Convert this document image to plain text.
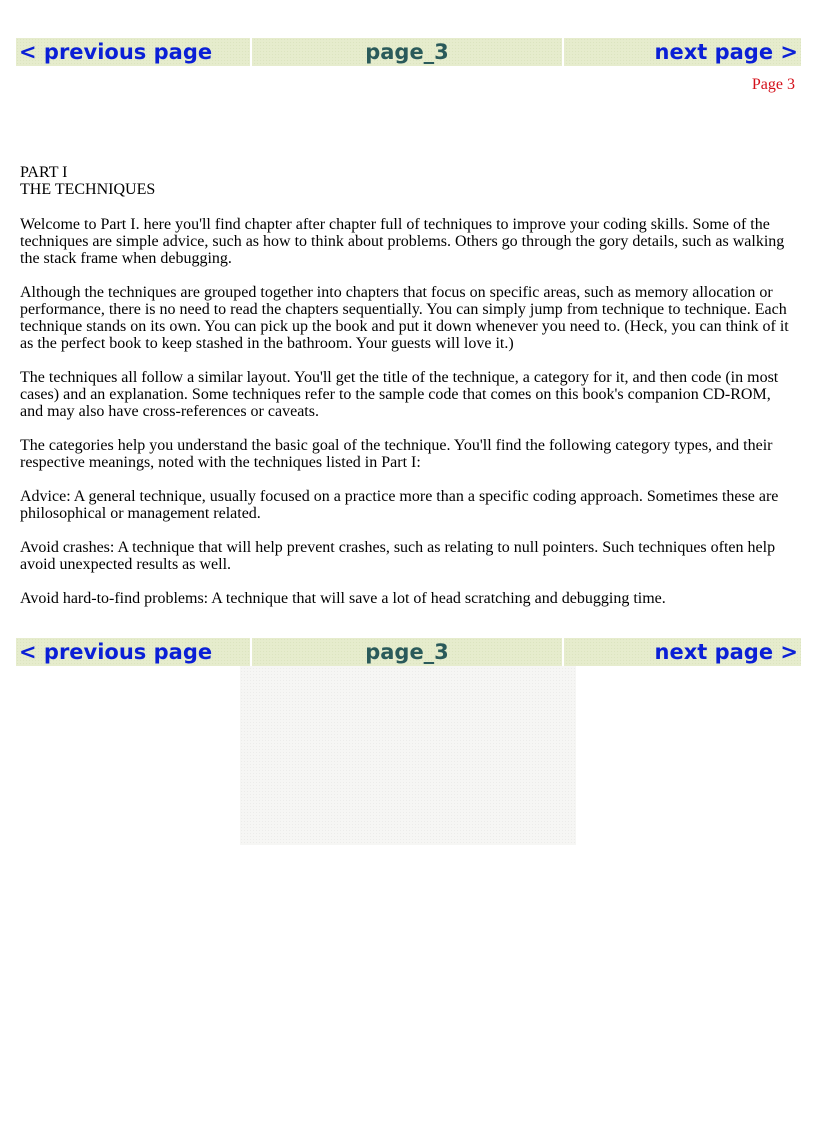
< previous page	page_3	next page >
Page 3
PART I
THE TECHNIQUES

Welcome to Part I. here you'll find chapter after chapter full of techniques to improve your coding skills. Some of the techniques are simple advice, such as how to think about problems. Others go through the gory details, such as walking the stack frame when debugging.

Although the techniques are grouped together into chapters that focus on specific areas, such as memory allocation or performance, there is no need to read the chapters sequentially. You can simply jump from technique to technique. Each technique stands on its own. You can pick up the book and put it down whenever you need to. (Heck, you can think of it as the perfect book to keep stashed in the bathroom. Your guests will love it.)

The techniques all follow a similar layout. You'll get the title of the technique, a category for it, and then code (in most cases) and an explanation. Some techniques refer to the sample code that comes on this book's companion CD-ROM, and may also have cross-references or caveats.

The categories help you understand the basic goal of the technique. You'll find the following category types, and their respective meanings, noted with the techniques listed in Part I:

Advice: A general technique, usually focused on a practice more than a specific coding approach. Sometimes these are philosophical or management related.

Avoid crashes: A technique that will help prevent crashes, such as relating to null pointers. Such techniques often help avoid unexpected results as well.

Avoid hard-to-find problems: A technique that will save a lot of head scratching and debugging time.

< previous page	page_3	next page >
